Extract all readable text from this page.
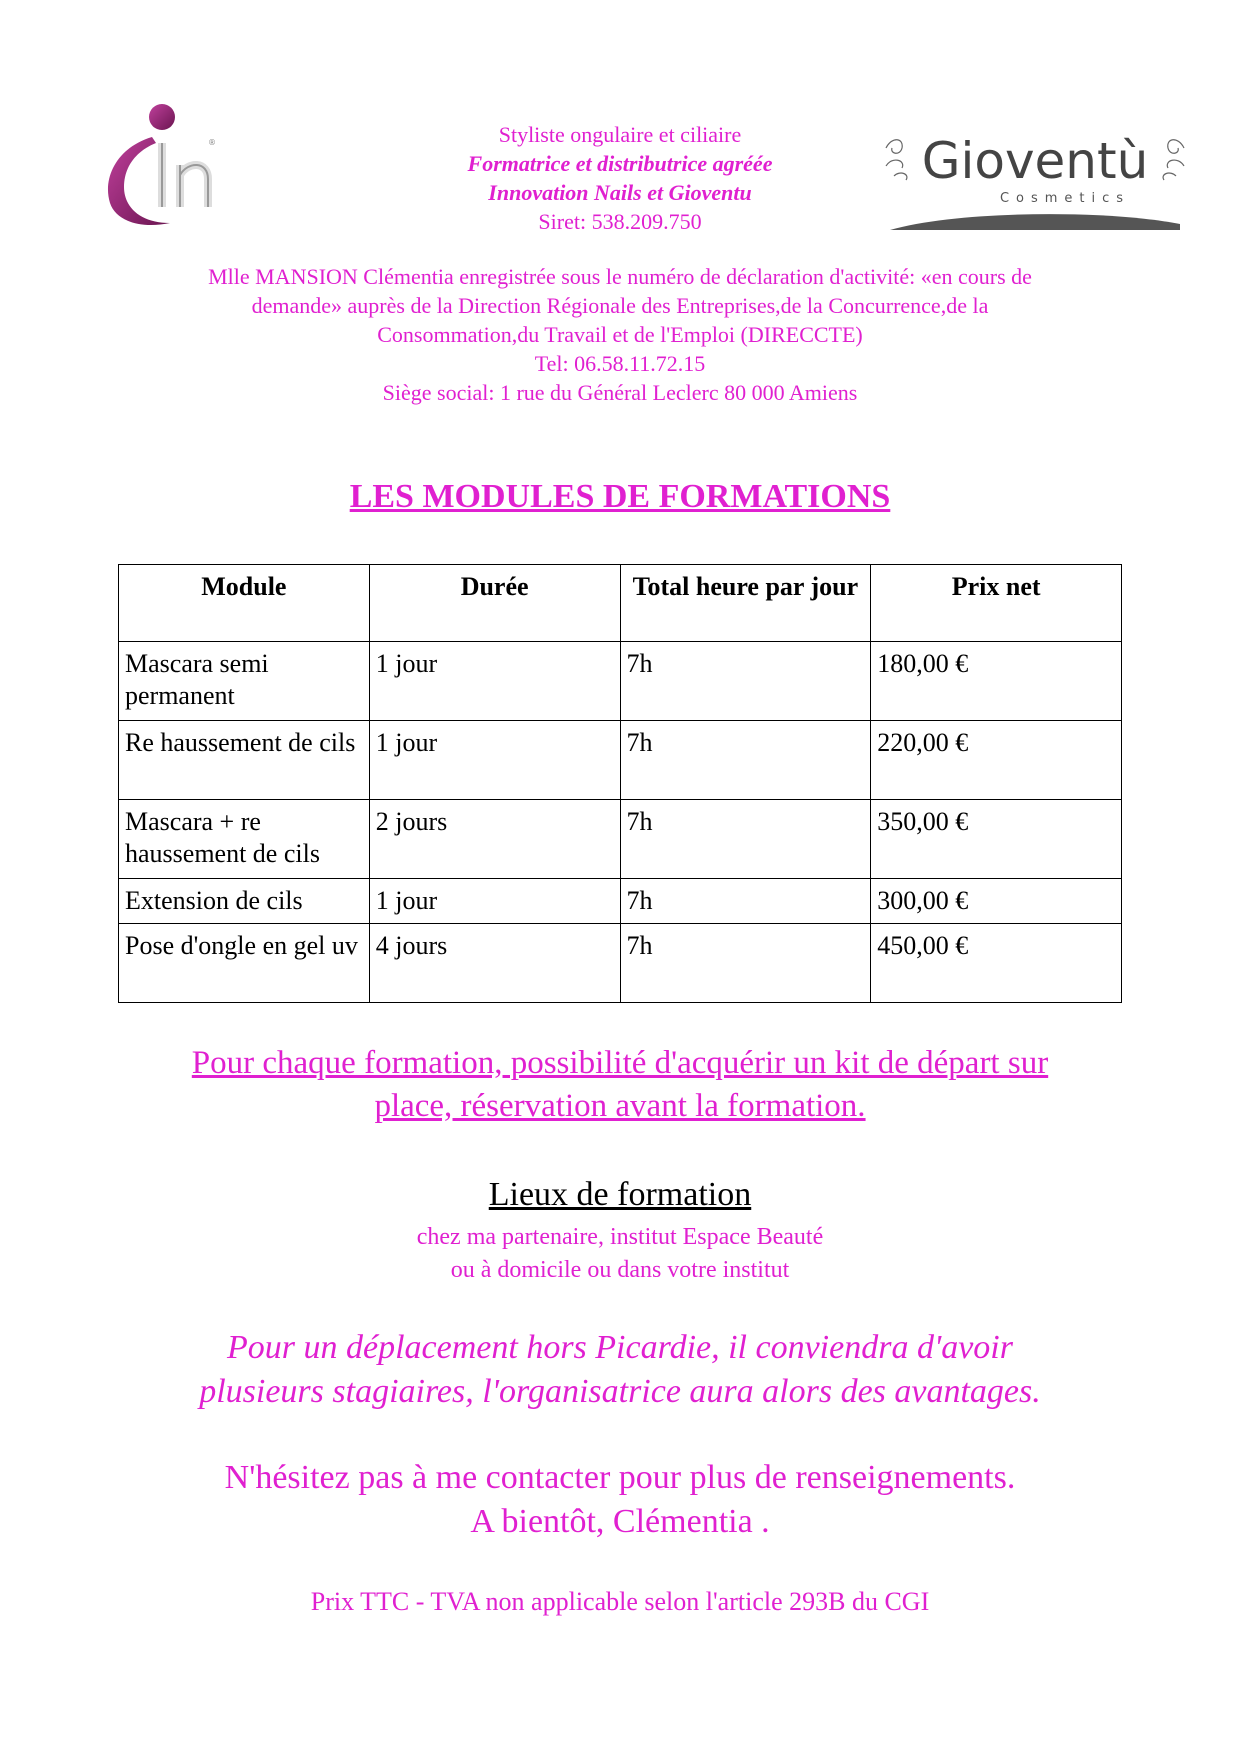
®	Styliste ongulaire et ciliaire
Formatrice et distributrice agréée
Innovation Nails et Gioventu
Siret: 538.209.750
Gioventù
Cosmetics
Mlle MANSION Clémentia enregistrée sous le numéro de déclaration d'activité: «en cours de
demande» auprès de la Direction Régionale des Entreprises,de la Concurrence,de la
Consommation,du Travail et de l'Emploi (DIRECCTE)
Tel: 06.58.11.72.15
Siège social: 1 rue du Général Leclerc 80 000 Amiens
LES MODULES DE FORMATIONS
Module	Durée	Total heure par jour	Prix net
Mascara semi permanent	1 jour	7h	180,00 €
Re haussement de cils	1 jour	7h	220,00 €
Mascara + re haussement de cils	2 jours	7h	350,00 €
Extension de cils	1 jour	7h	300,00 €
Pose d'ongle en gel uv	4 jours	7h	450,00 €
Pour chaque formation, possibilité d'acquérir un kit de départ sur
place, réservation avant la formation.
Lieux de formation
chez ma partenaire, institut Espace Beauté
ou à domicile ou dans votre institut
Pour un déplacement hors Picardie, il conviendra d'avoir
plusieurs stagiaires, l'organisatrice aura alors des avantages.
N'hésitez pas à me contacter pour plus de renseignements.
A bientôt, Clémentia .
Prix TTC - TVA non applicable selon l'article 293B du CGI
